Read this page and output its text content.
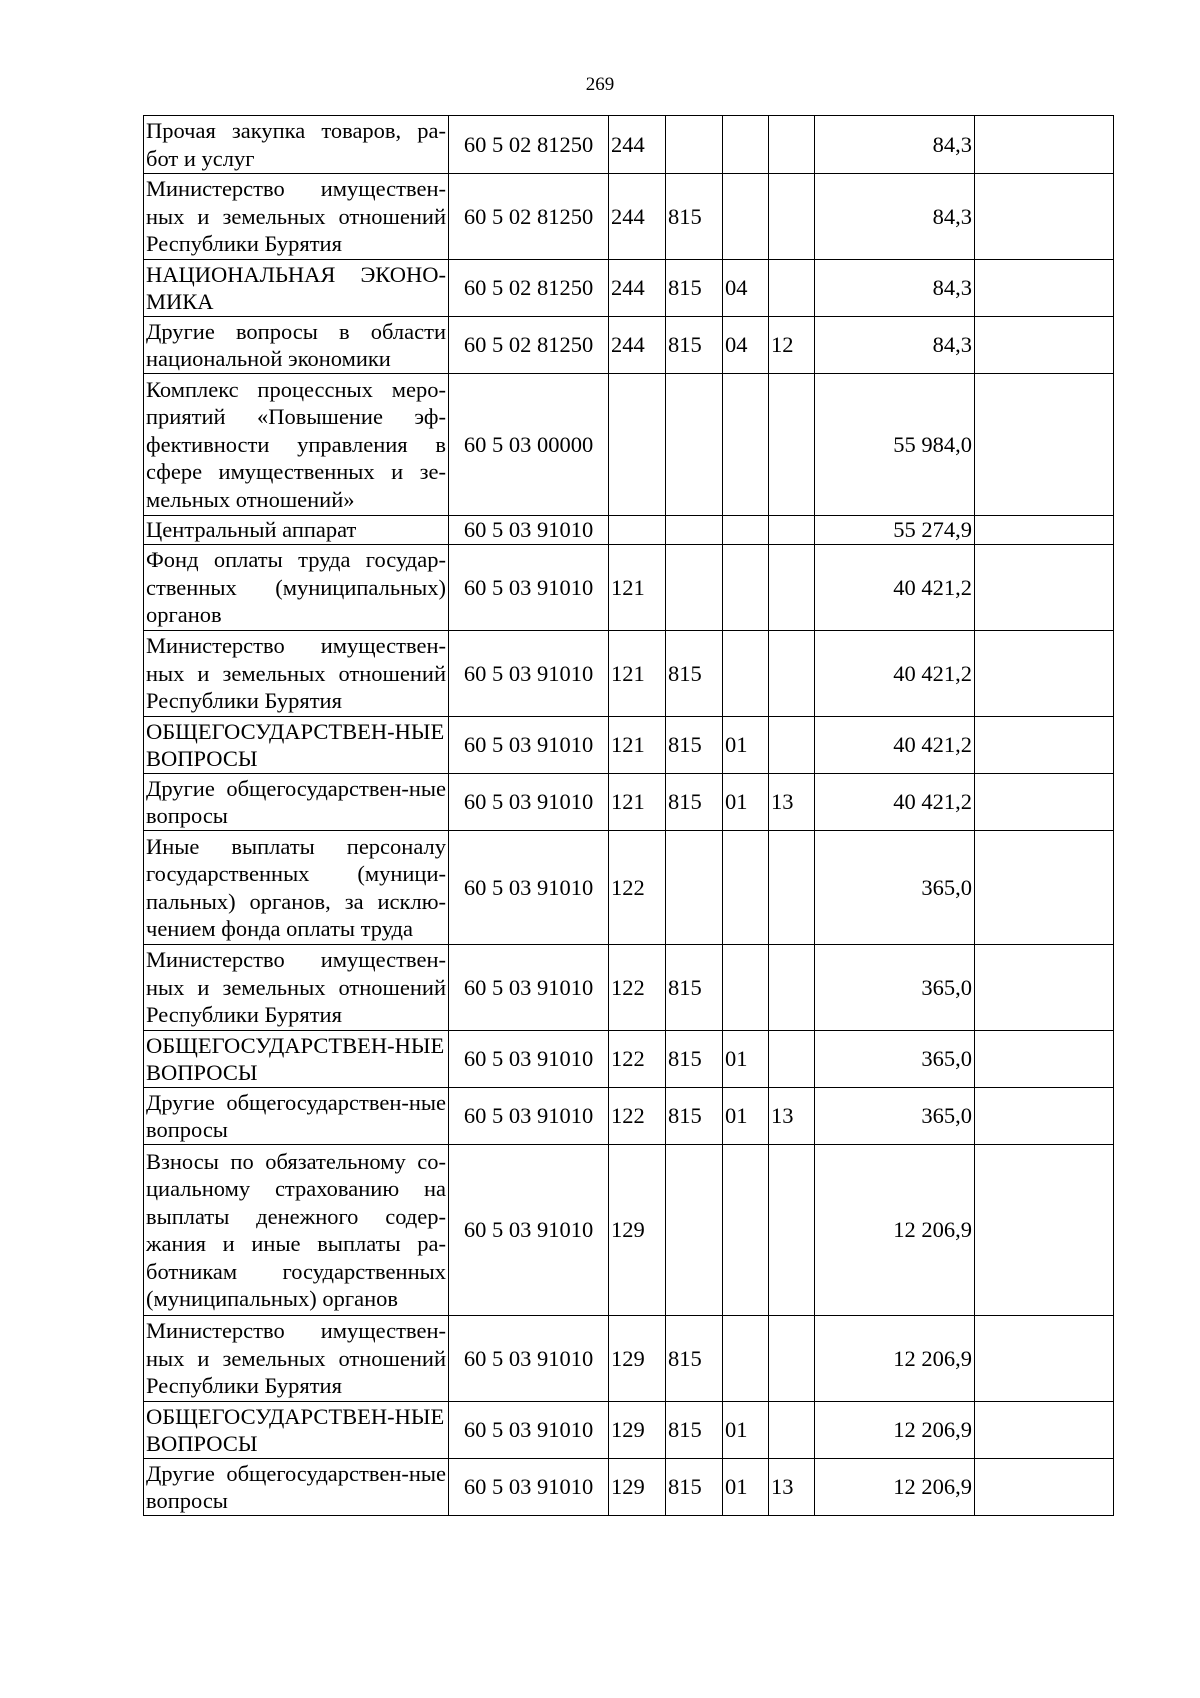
269
Прочая закупка товаров, ра-бот и услуг	60 5 02 81250	244				84,3	
Министерство имуществен-ных и земельных отношений Республики Бурятия	60 5 02 81250	244	815			84,3	
НАЦИОНАЛЬНАЯ ЭКОНО-МИКА	60 5 02 81250	244	815	04		84,3	
Другие вопросы в области национальной экономики	60 5 02 81250	244	815	04	12	84,3	
Комплекс процессных меро-приятий «Повышение эф-фективности управления в сфере имущественных и зе-мельных отношений»	60 5 03 00000					55 984,0	
Центральный аппарат	60 5 03 91010					55 274,9	
Фонд оплаты труда государ-ственных (муниципальных) органов	60 5 03 91010	121				40 421,2	
Министерство имуществен-ных и земельных отношений Республики Бурятия	60 5 03 91010	121	815			40 421,2	
ОБЩЕГОСУДАРСТВЕН-НЫЕ ВОПРОСЫ	60 5 03 91010	121	815	01		40 421,2	
Другие общегосударствен-ные вопросы	60 5 03 91010	121	815	01	13	40 421,2	
Иные выплаты персоналу государственных (муници-пальных) органов, за исклю-чением фонда оплаты труда	60 5 03 91010	122				365,0	
Министерство имуществен-ных и земельных отношений Республики Бурятия	60 5 03 91010	122	815			365,0	
ОБЩЕГОСУДАРСТВЕН-НЫЕ ВОПРОСЫ	60 5 03 91010	122	815	01		365,0	
Другие общегосударствен-ные вопросы	60 5 03 91010	122	815	01	13	365,0	
Взносы по обязательному со-циальному страхованию на выплаты денежного содер-жания и иные выплаты ра-ботникам государственных (муниципальных) органов	60 5 03 91010	129				12 206,9	
Министерство имуществен-ных и земельных отношений Республики Бурятия	60 5 03 91010	129	815			12 206,9	
ОБЩЕГОСУДАРСТВЕН-НЫЕ ВОПРОСЫ	60 5 03 91010	129	815	01		12 206,9	
Другие общегосударствен-ные вопросы	60 5 03 91010	129	815	01	13	12 206,9	
